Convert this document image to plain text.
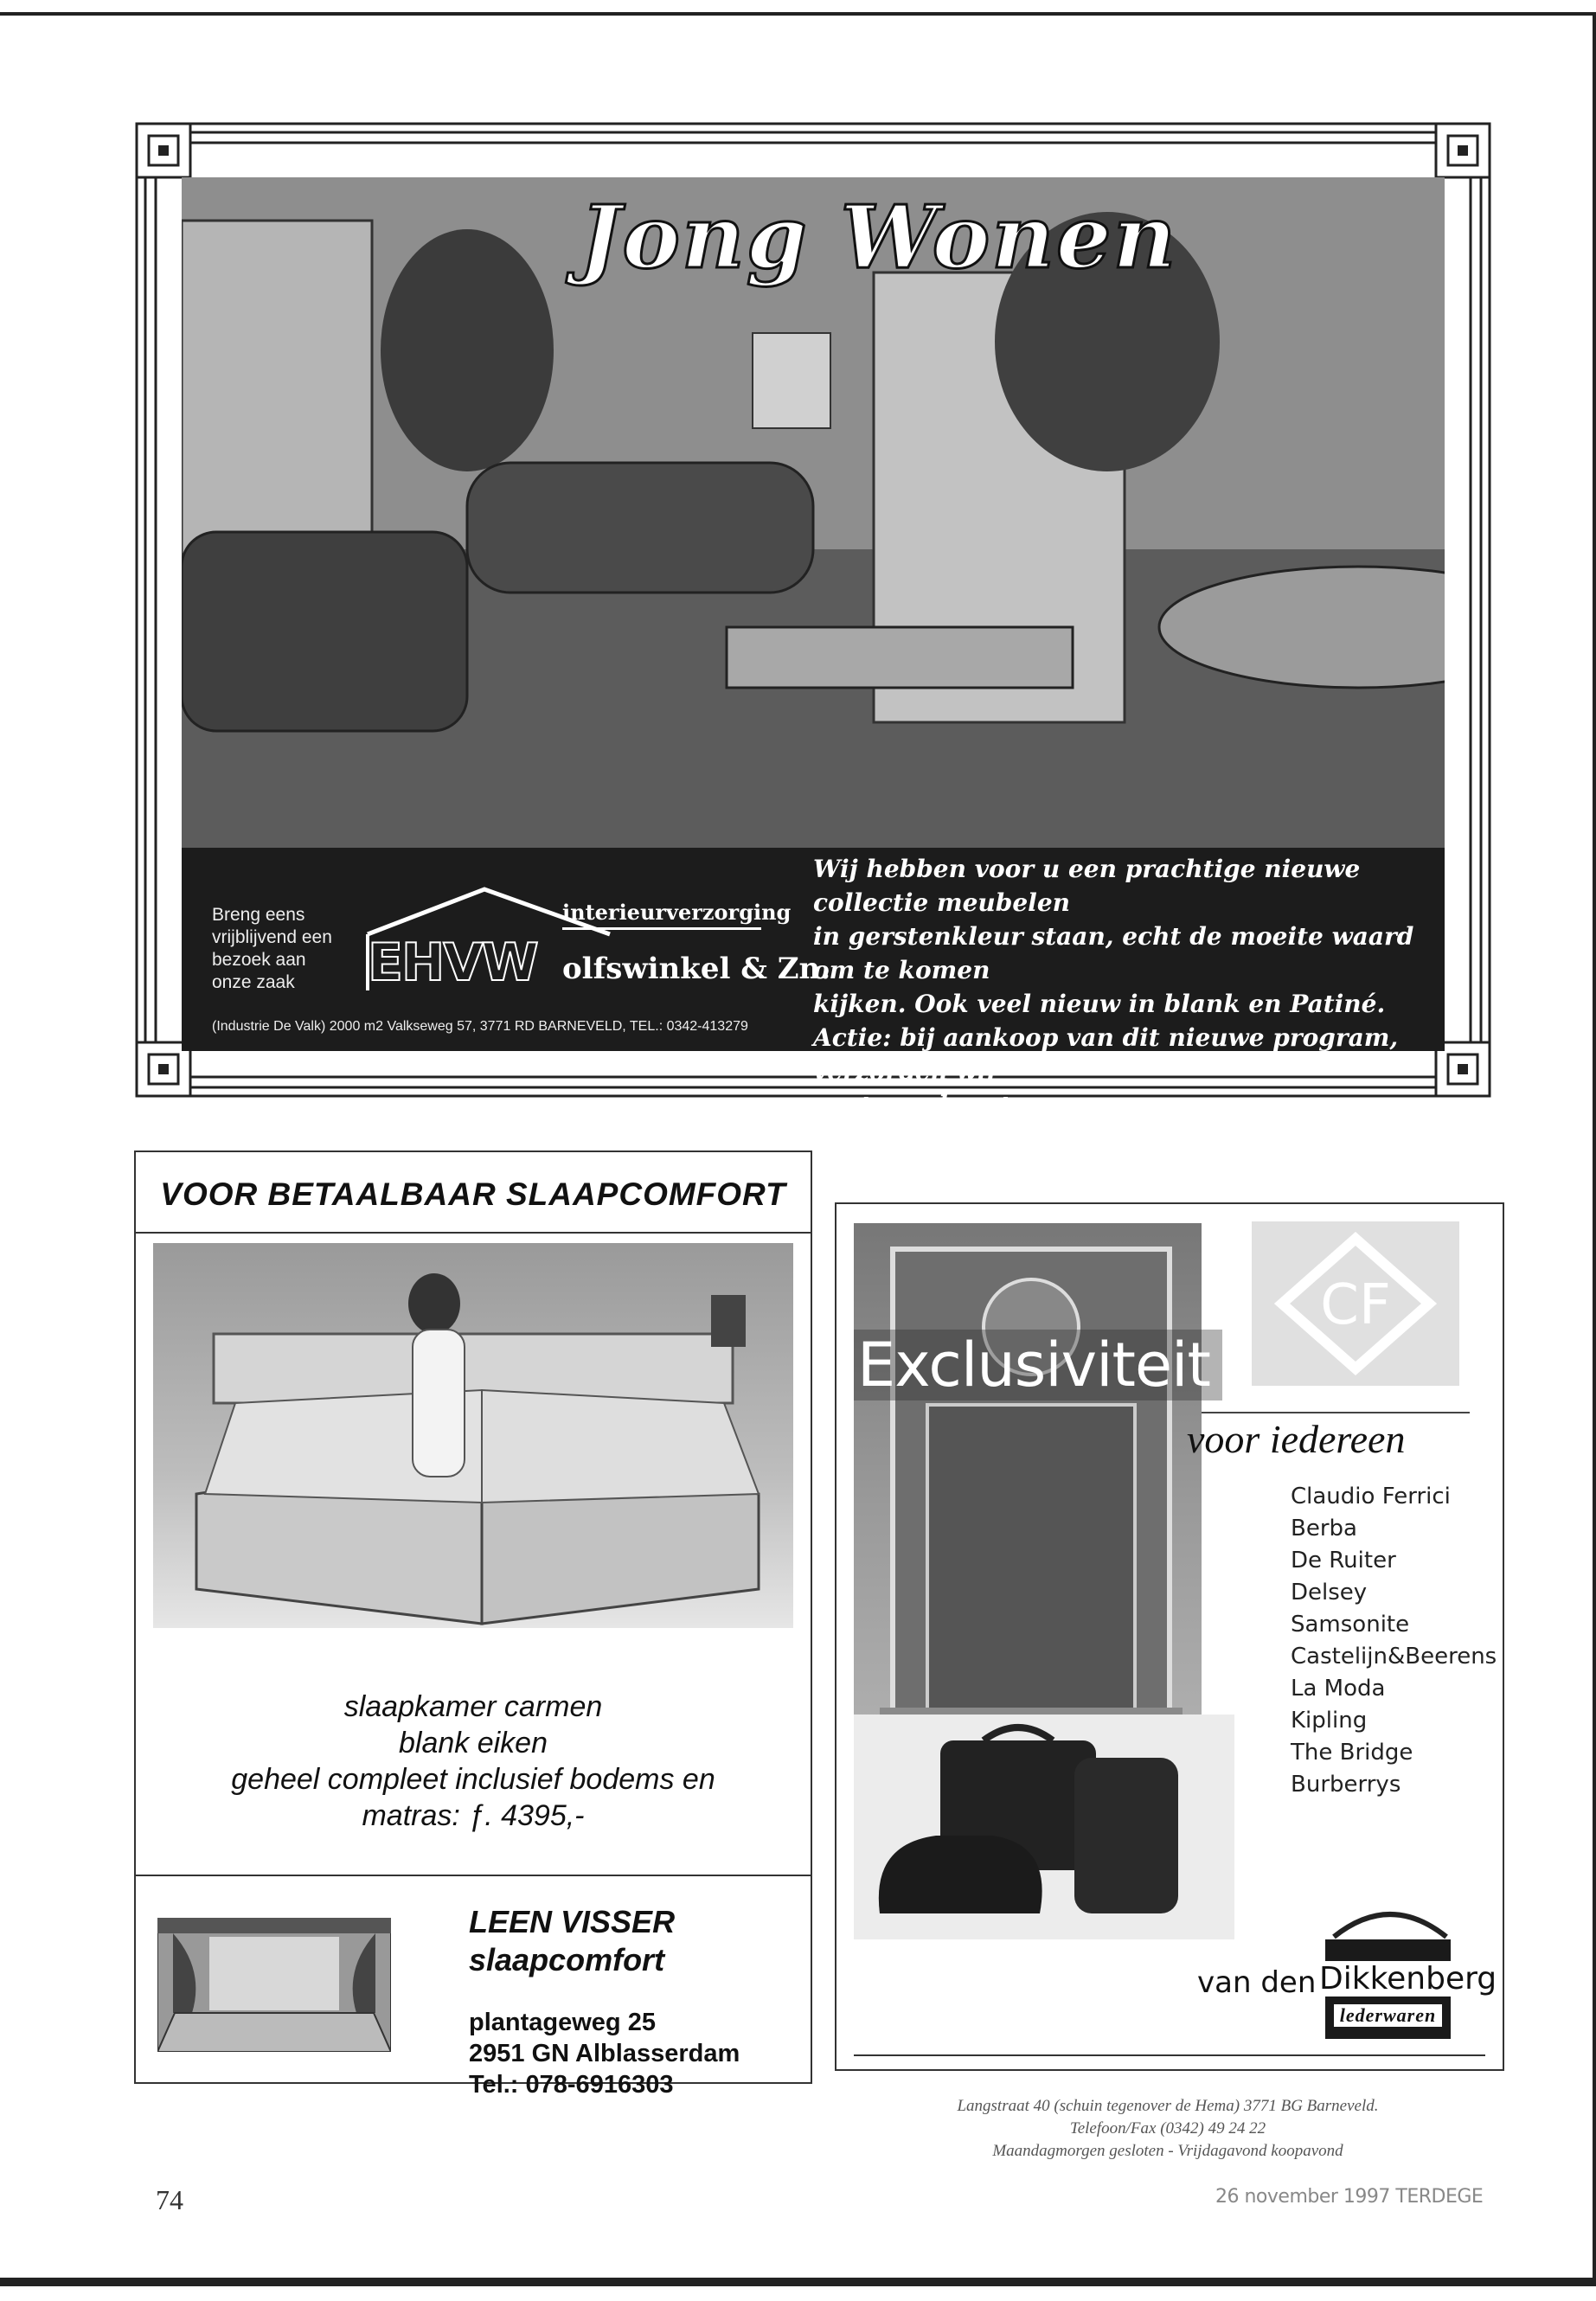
Jong Wonen
Breng eens
vrijblijvend een
bezoek aan
onze zaak	EHVW
interieurverzorging
olfswinkel & Zn.
(Industrie De Valk) 2000 m2 Valkseweg 57, 3771 RD BARNEVELD, TEL.: 0342-413279
Wij hebben voor u een prachtige nieuwe collectie meubelen
in gerstenkleur staan, echt de moeite waard om te komen
kijken. Ook veel nieuw in blank en Patiné.
Actie: bij aankoop van dit nieuwe program, verzorgen wij
uw trouwkaarten.
VOOR BETAALBAAR SLAAPCOMFORT
slaapkamer carmen
blank eiken
geheel compleet inclusief bodems en
matras: ƒ. 4395,-
LEEN VISSER
slaapcomfort
plantageweg 25
2951 GN Alblasserdam
Tel.: 078-6916303
Exclusiviteit
CF
voor iedereen
Claudio Ferrici
Berba
De Ruiter
Delsey
Samsonite
Castelijn&Beerens
La Moda
Kipling
The Bridge
Burberrys
van den Dikkenberg
lederwaren
Langstraat 40 (schuin tegenover de Hema) 3771 BG Barneveld.
Telefoon/Fax (0342) 49 24 22
Maandagmorgen gesloten - Vrijdagavond koopavond
74	26 november 1997 TERDEGE
